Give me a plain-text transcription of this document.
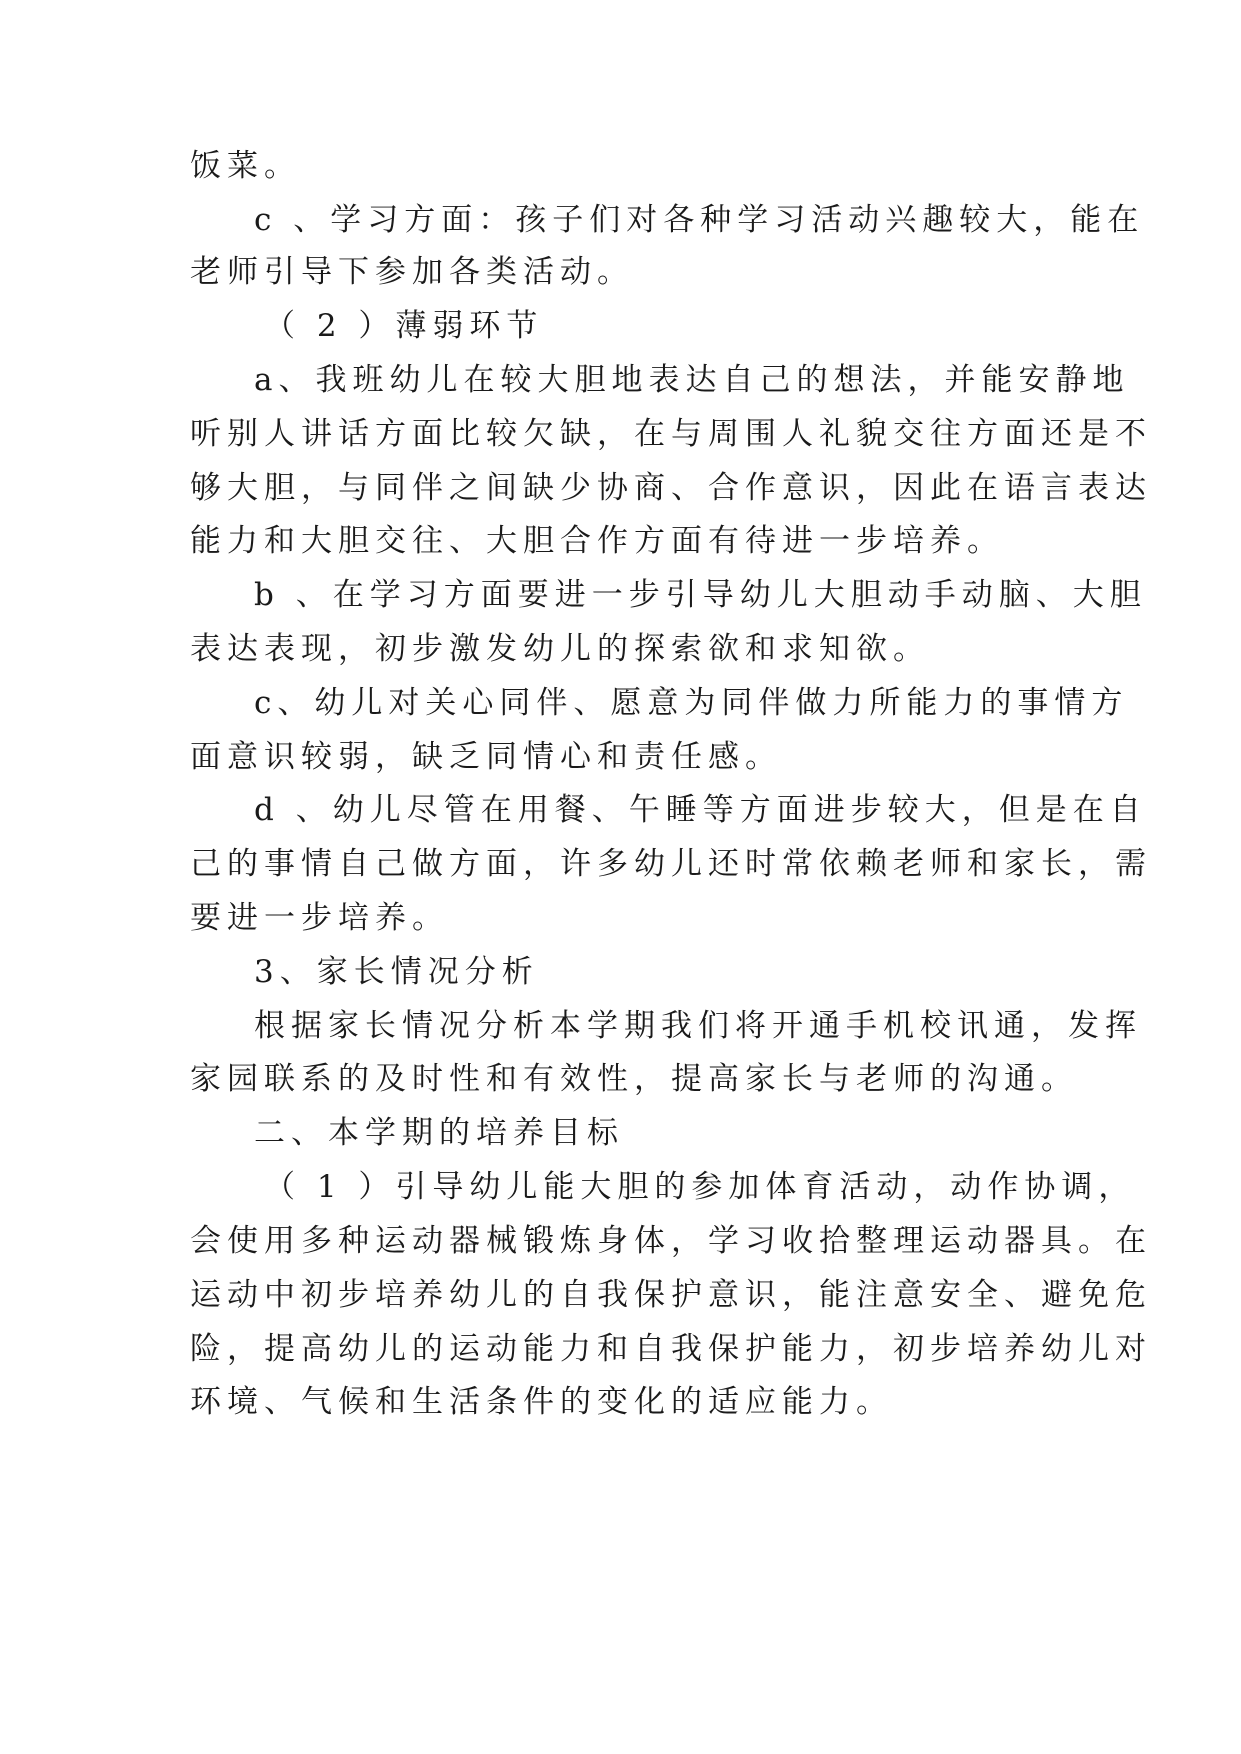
饭菜。
c 、学习方面：孩子们对各种学习活动兴趣较大，能在
老师引导下参加各类活动。
（ 2 ）薄弱环节
a、我班幼儿在较大胆地表达自己的想法，并能安静地
听别人讲话方面比较欠缺，在与周围人礼貌交往方面还是不
够大胆，与同伴之间缺少协商、合作意识，因此在语言表达
能力和大胆交往、大胆合作方面有待进一步培养。
b 、在学习方面要进一步引导幼儿大胆动手动脑、大胆
表达表现，初步激发幼儿的探索欲和求知欲。
c、幼儿对关心同伴、愿意为同伴做力所能力的事情方
面意识较弱，缺乏同情心和责任感。
d 、幼儿尽管在用餐、午睡等方面进步较大，但是在自
己的事情自己做方面，许多幼儿还时常依赖老师和家长，需
要进一步培养。
3、家长情况分析
根据家长情况分析本学期我们将开通手机校讯通，发挥
家园联系的及时性和有效性，提高家长与老师的沟通。
二、本学期的培养目标
（ 1 ）引导幼儿能大胆的参加体育活动，动作协调，
会使用多种运动器械锻炼身体，学习收拾整理运动器具。在
运动中初步培养幼儿的自我保护意识，能注意安全、避免危
险，提高幼儿的运动能力和自我保护能力，初步培养幼儿对
环境、气候和生活条件的变化的适应能力。
